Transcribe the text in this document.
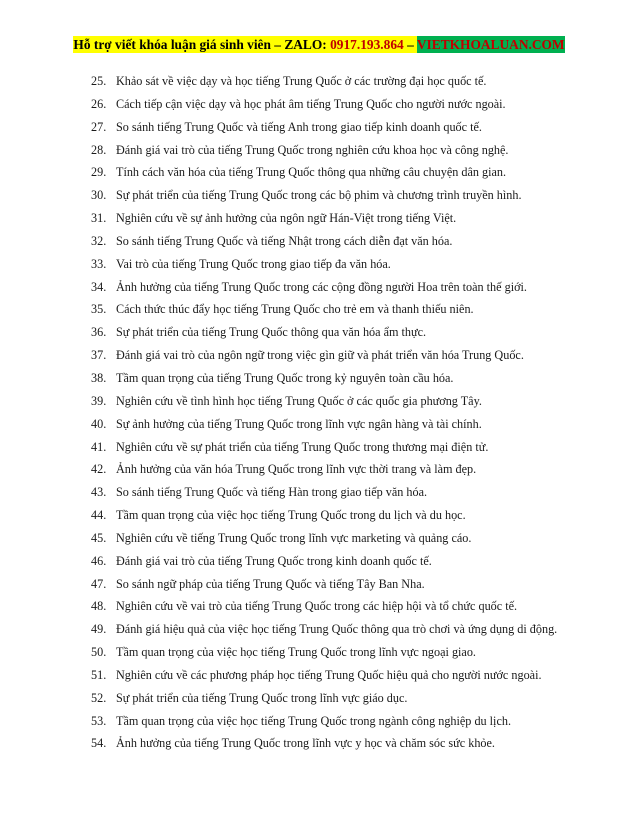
Hỗ trợ viết khóa luận giá sinh viên – ZALO: 0917.193.864 – VIETKHOALUAN.COM
25. Khảo sát về việc dạy và học tiếng Trung Quốc ở các trường đại học quốc tế.
26. Cách tiếp cận việc dạy và học phát âm tiếng Trung Quốc cho người nước ngoài.
27. So sánh tiếng Trung Quốc và tiếng Anh trong giao tiếp kinh doanh quốc tế.
28. Đánh giá vai trò của tiếng Trung Quốc trong nghiên cứu khoa học và công nghệ.
29. Tính cách văn hóa của tiếng Trung Quốc thông qua những câu chuyện dân gian.
30. Sự phát triển của tiếng Trung Quốc trong các bộ phim và chương trình truyền hình.
31. Nghiên cứu về sự ảnh hưởng của ngôn ngữ Hán-Việt trong tiếng Việt.
32. So sánh tiếng Trung Quốc và tiếng Nhật trong cách diễn đạt văn hóa.
33. Vai trò của tiếng Trung Quốc trong giao tiếp đa văn hóa.
34. Ảnh hưởng của tiếng Trung Quốc trong các cộng đồng người Hoa trên toàn thế giới.
35. Cách thức thúc đẩy học tiếng Trung Quốc cho trẻ em và thanh thiếu niên.
36. Sự phát triển của tiếng Trung Quốc thông qua văn hóa ẩm thực.
37. Đánh giá vai trò của ngôn ngữ trong việc gìn giữ và phát triển văn hóa Trung Quốc.
38. Tầm quan trọng của tiếng Trung Quốc trong kỷ nguyên toàn cầu hóa.
39. Nghiên cứu về tình hình học tiếng Trung Quốc ở các quốc gia phương Tây.
40. Sự ảnh hưởng của tiếng Trung Quốc trong lĩnh vực ngân hàng và tài chính.
41. Nghiên cứu về sự phát triển của tiếng Trung Quốc trong thương mại điện tử.
42. Ảnh hưởng của văn hóa Trung Quốc trong lĩnh vực thời trang và làm đẹp.
43. So sánh tiếng Trung Quốc và tiếng Hàn trong giao tiếp văn hóa.
44. Tầm quan trọng của việc học tiếng Trung Quốc trong du lịch và du học.
45. Nghiên cứu về tiếng Trung Quốc trong lĩnh vực marketing và quảng cáo.
46. Đánh giá vai trò của tiếng Trung Quốc trong kinh doanh quốc tế.
47. So sánh ngữ pháp của tiếng Trung Quốc và tiếng Tây Ban Nha.
48. Nghiên cứu về vai trò của tiếng Trung Quốc trong các hiệp hội và tổ chức quốc tế.
49. Đánh giá hiệu quả của việc học tiếng Trung Quốc thông qua trò chơi và ứng dụng di động.
50. Tầm quan trọng của việc học tiếng Trung Quốc trong lĩnh vực ngoại giao.
51. Nghiên cứu về các phương pháp học tiếng Trung Quốc hiệu quả cho người nước ngoài.
52. Sự phát triển của tiếng Trung Quốc trong lĩnh vực giáo dục.
53. Tầm quan trọng của việc học tiếng Trung Quốc trong ngành công nghiệp du lịch.
54. Ảnh hưởng của tiếng Trung Quốc trong lĩnh vực y học và chăm sóc sức khỏe.
